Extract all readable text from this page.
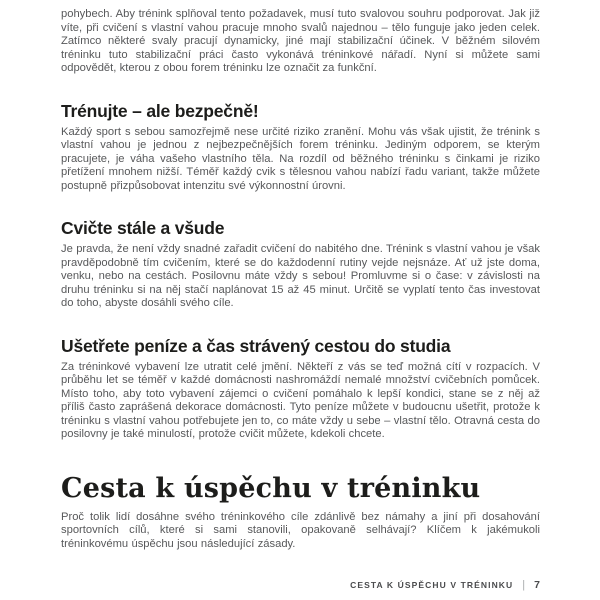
pohybech. Aby trénink splňoval tento požadavek, musí tuto svalovou souhru podporovat. Jak již víte, při cvičení s vlastní vahou pracuje mnoho svalů najednou – tělo funguje jako jeden celek. Zatímco některé svaly pracují dynamicky, jiné mají stabilizační účinek. V běžném silovém tréninku tuto stabilizační práci často vykonává tréninkové nářadí. Nyní si můžete sami odpovědět, kterou z obou forem tréninku lze označit za funkční.

Trénujte – ale bezpečně!

Každý sport s sebou samozřejmě nese určité riziko zranění. Mohu vás však ujistit, že trénink s vlastní vahou je jednou z nejbezpečnějších forem tréninku. Jediným odporem, se kterým pracujete, je váha vašeho vlastního těla. Na rozdíl od běžného tréninku s činkami je riziko přetížení mnohem nižší. Téměř každý cvik s tělesnou vahou nabízí řadu variant, takže můžete postupně přizpůsobovat intenzitu své výkonnostní úrovni.

Cvičte stále a všude

Je pravda, že není vždy snadné zařadit cvičení do nabitého dne. Trénink s vlastní vahou je však pravděpodobně tím cvičením, které se do každodenní rutiny vejde nejsnáze. Ať už jste doma, venku, nebo na cestách. Posilovnu máte vždy s sebou! Promluvme si o čase: v závislosti na druhu tréninku si na něj stačí naplánovat 15 až 45 minut. Určitě se vyplatí tento čas investovat do toho, abyste dosáhli svého cíle.

Ušetřete peníze a čas strávený cestou do studia

Za tréninkové vybavení lze utratit celé jmění. Někteří z vás se teď možná cítí v rozpacích. V průběhu let se téměř v každé domácnosti nashromáždí nemalé množství cvičebních pomůcek. Místo toho, aby toto vybavení zájemci o cvičení pomáhalo k lepší kondici, stane se z něj až příliš často zaprášená dekorace domácnosti. Tyto peníze můžete v budoucnu ušetřit, protože k tréninku s vlastní vahou potřebujete jen to, co máte vždy u sebe – vlastní tělo. Otravná cesta do posilovny je také minulostí, protože cvičit můžete, kdekoli chcete.

Cesta k úspěchu v tréninku

Proč tolik lidí dosáhne svého tréninkového cíle zdánlivě bez námahy a jiní při dosahování sportovních cílů, které si sami stanovili, opakovaně selhávají? Klíčem k jakémukoli tréninkovému úspěchu jsou následující zásady.

CESTA K ÚSPĚCHU V TRÉNINKU | 7
